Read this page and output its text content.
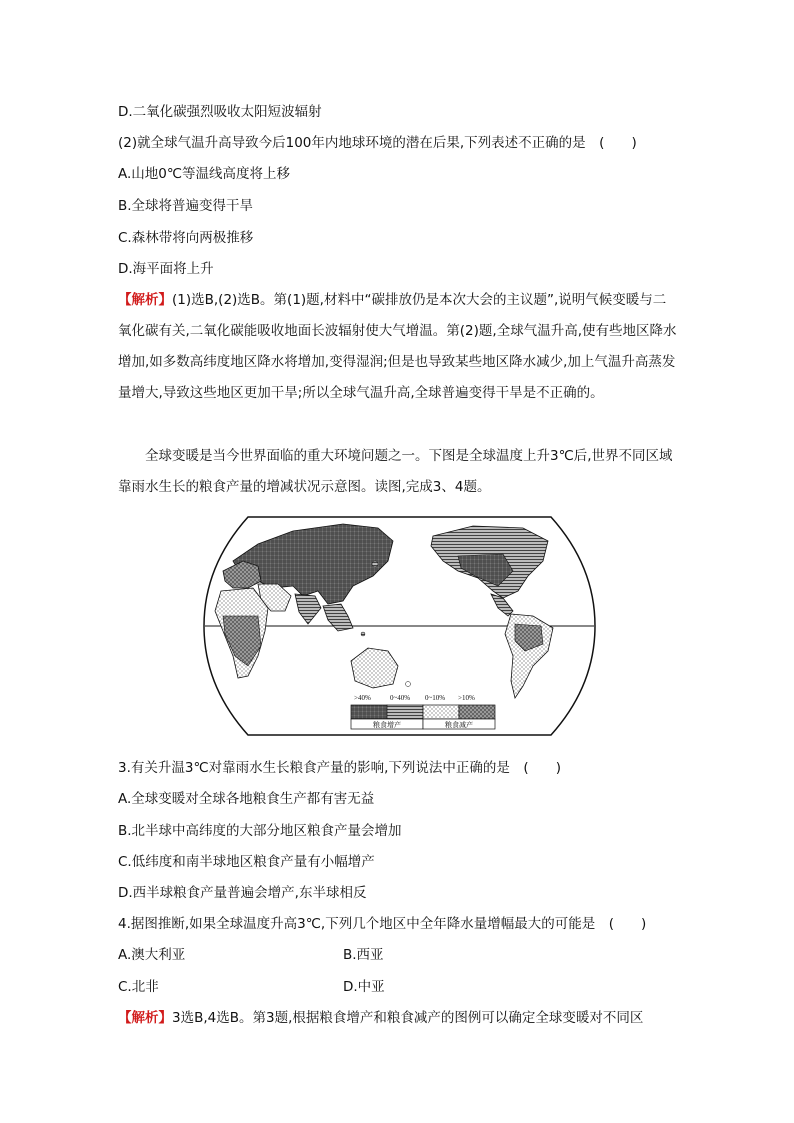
D.二氧化碳强烈吸收太阳短波辐射
(2)就全球气温升高导致今后100年内地球环境的潜在后果,下列表述不正确的是　(　　)
A.山地0℃等温线高度将上移
B.全球将普遍变得干旱
C.森林带将向两极推移
D.海平面将上升
【解析】(1)选B,(2)选B。第(1)题,材料中“碳排放仍是本次大会的主议题”,说明气候变暖与二氧化碳有关,二氧化碳能吸收地面长波辐射使大气增温。第(2)题,全球气温升高,使有些地区降水增加,如多数高纬度地区降水将增加,变得湿润;但是也导致某些地区降水减少,加上气温升高蒸发量增大,导致这些地区更加干旱;所以全球气温升高,全球普遍变得干旱是不正确的。
全球变暖是当今世界面临的重大环境问题之一。下图是全球温度上升3℃后,世界不同区域靠雨水生长的粮食产量的增减状况示意图。读图,完成3、4题。
>40%	0~40% 0~10% >10%
粮食增产	粮食减产
3.有关升温3℃对靠雨水生长粮食产量的影响,下列说法中正确的是　(　　)
A.全球变暖对全球各地粮食生产都有害无益
B.北半球中高纬度的大部分地区粮食产量会增加
C.低纬度和南半球地区粮食产量有小幅增产
D.西半球粮食产量普遍会增产,东半球相反
4.据图推断,如果全球温度升高3℃,下列几个地区中全年降水量增幅最大的可能是　(　　)
A.澳大利亚	B.西亚
C.北非	D.中亚
【解析】3选B,4选B。第3题,根据粮食增产和粮食减产的图例可以确定全球变暖对不同区
